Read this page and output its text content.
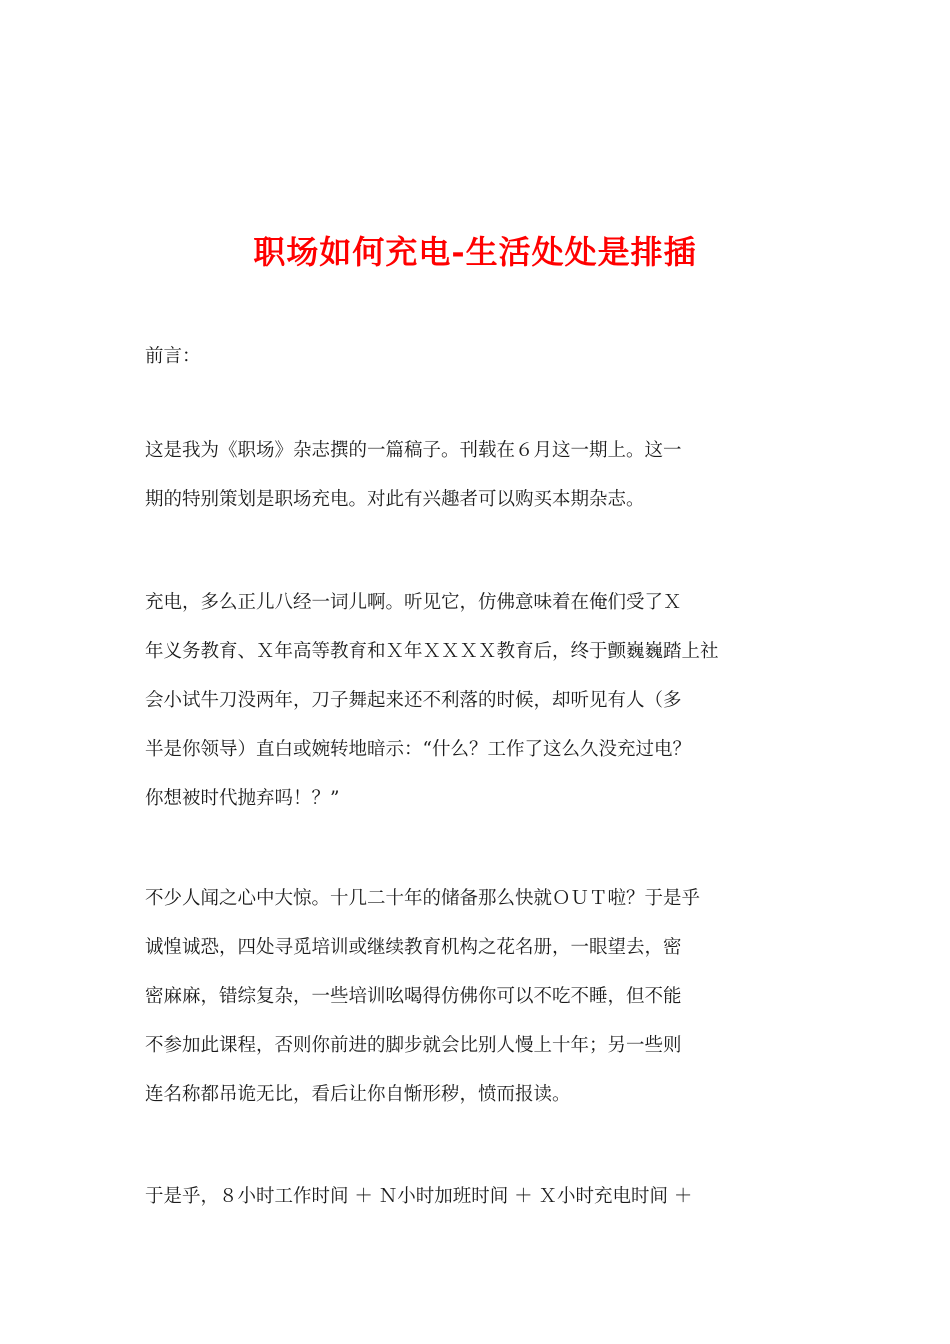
职场如何充电-生活处处是排插
前言：
这是我为《职场》杂志撰的一篇稿子。刊载在６月这一期上。这一
期的特别策划是职场充电。对此有兴趣者可以购买本期杂志。
充电，多么正儿八经一词儿啊。听见它，仿佛意味着在俺们受了Ｘ
年义务教育、Ｘ年高等教育和Ｘ年ＸＸＸＸ教育后，终于颤巍巍踏上社
会小试牛刀没两年，刀子舞起来还不利落的时候，却听见有人（多
半是你领导）直白或婉转地暗示：“什么？工作了这么久没充过电？
你想被时代抛弃吗！？”
不少人闻之心中大惊。十几二十年的储备那么快就ＯＵＴ啦？于是乎
诚惶诚恐，四处寻觅培训或继续教育机构之花名册，一眼望去，密
密麻麻，错综复杂，一些培训吆喝得仿佛你可以不吃不睡，但不能
不参加此课程，否则你前进的脚步就会比别人慢上十年；另一些则
连名称都吊诡无比，看后让你自惭形秽，愤而报读。
于是乎，８小时工作时间 ＋ Ｎ小时加班时间 ＋ Ｘ小时充电时间 ＋
